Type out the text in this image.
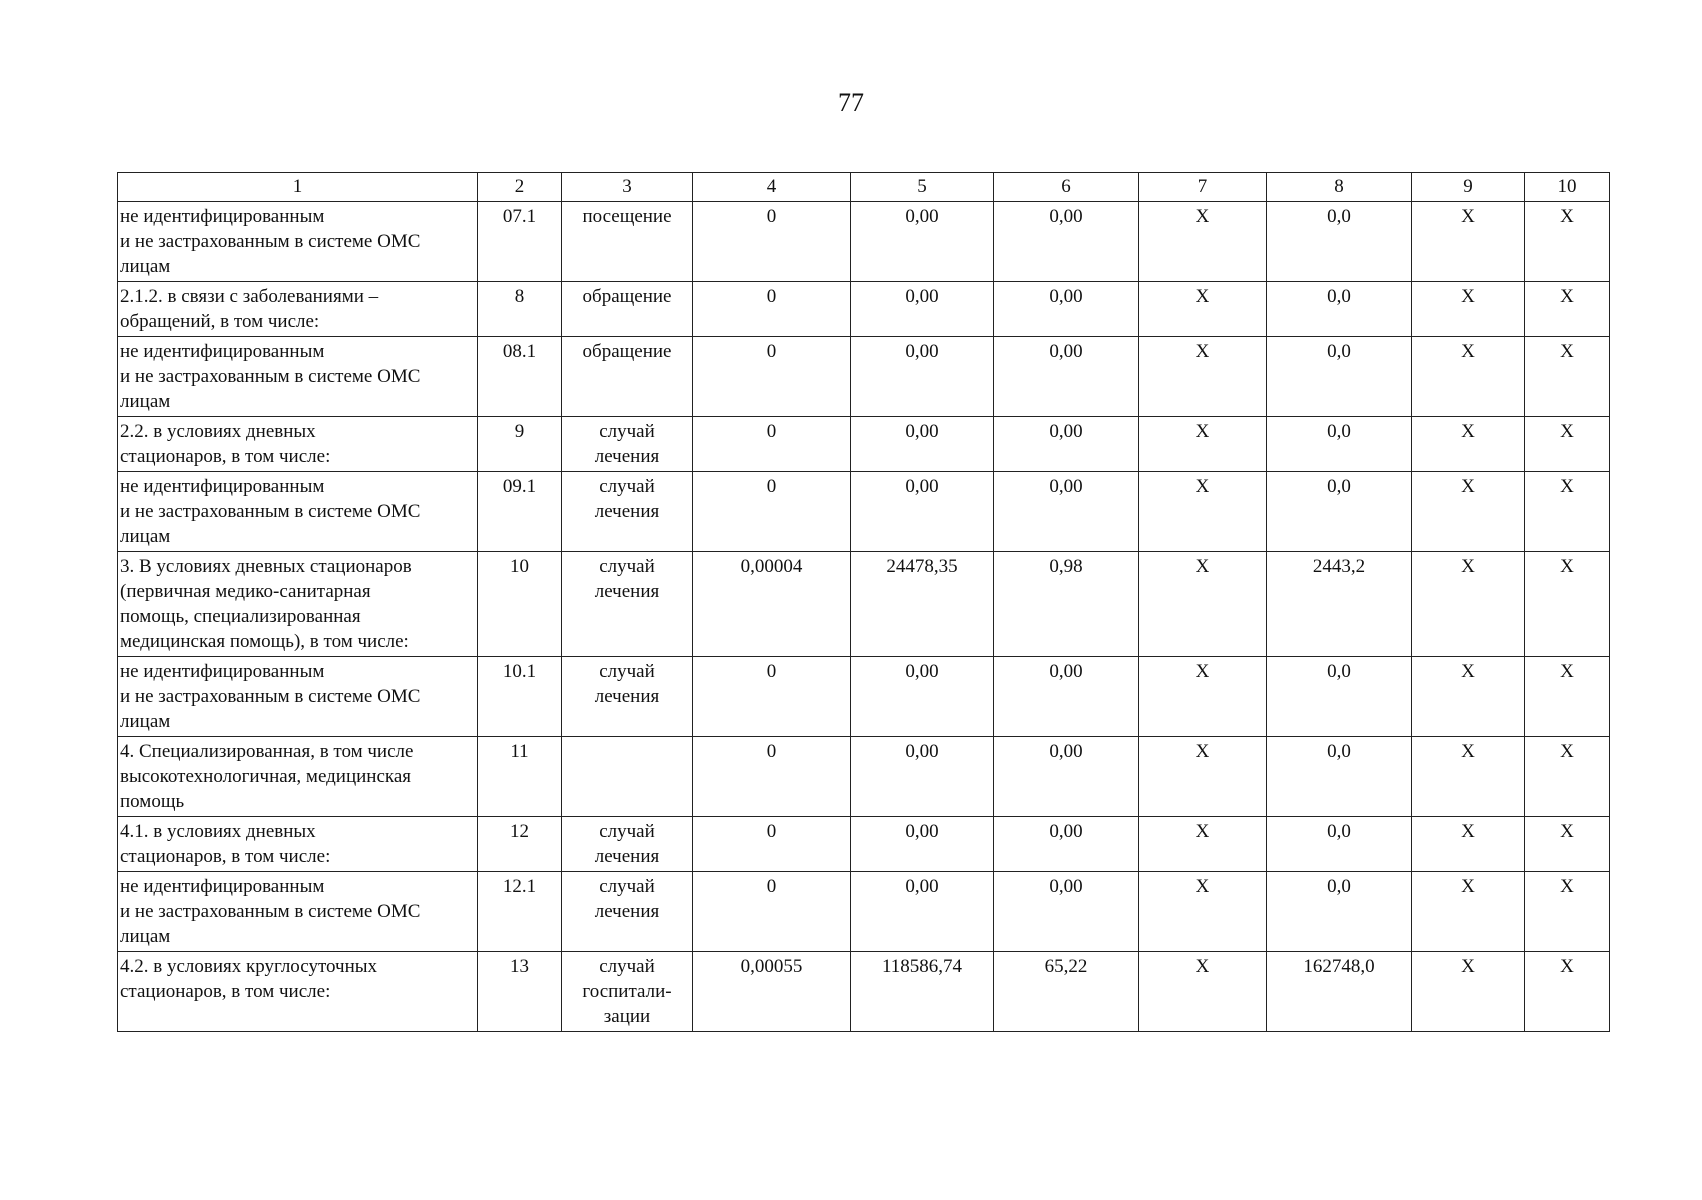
77
1	2	3	4	5	6	7	8	9	10

не идентифицированным
и не застрахованным в системе ОМС
лицам	07.1	посещение	0	0,00	0,00	Х	0,0	Х	Х

2.1.2. в связи с заболеваниями –
обращений, в том числе:	8	обращение	0	0,00	0,00	Х	0,0	Х	Х

не идентифицированным
и не застрахованным в системе ОМС
лицам	08.1	обращение	0	0,00	0,00	Х	0,0	Х	Х

2.2. в условиях дневных
стационаров, в том числе:	9	случай
лечения	0	0,00	0,00	Х	0,0	Х	Х

не идентифицированным
и не застрахованным в системе ОМС
лицам	09.1	случай
лечения	0	0,00	0,00	Х	0,0	Х	Х

3. В условиях дневных стационаров
(первичная медико-санитарная
помощь, специализированная
медицинская помощь), в том числе:	10	случай
лечения	0,00004	24478,35	0,98	Х	2443,2	Х	Х

не идентифицированным
и не застрахованным в системе ОМС
лицам	10.1	случай
лечения	0	0,00	0,00	Х	0,0	Х	Х

4. Специализированная, в том числе
высокотехнологичная, медицинская
помощь	11		0	0,00	0,00	Х	0,0	Х	Х

4.1. в условиях дневных
стационаров, в том числе:	12	случай
лечения	0	0,00	0,00	Х	0,0	Х	Х

не идентифицированным
и не застрахованным в системе ОМС
лицам	12.1	случай
лечения	0	0,00	0,00	Х	0,0	Х	Х

4.2. в условиях круглосуточных
стационаров, в том числе:	13	случай
госпитали-
зации	0,00055	118586,74	65,22	Х	162748,0	Х	Х
